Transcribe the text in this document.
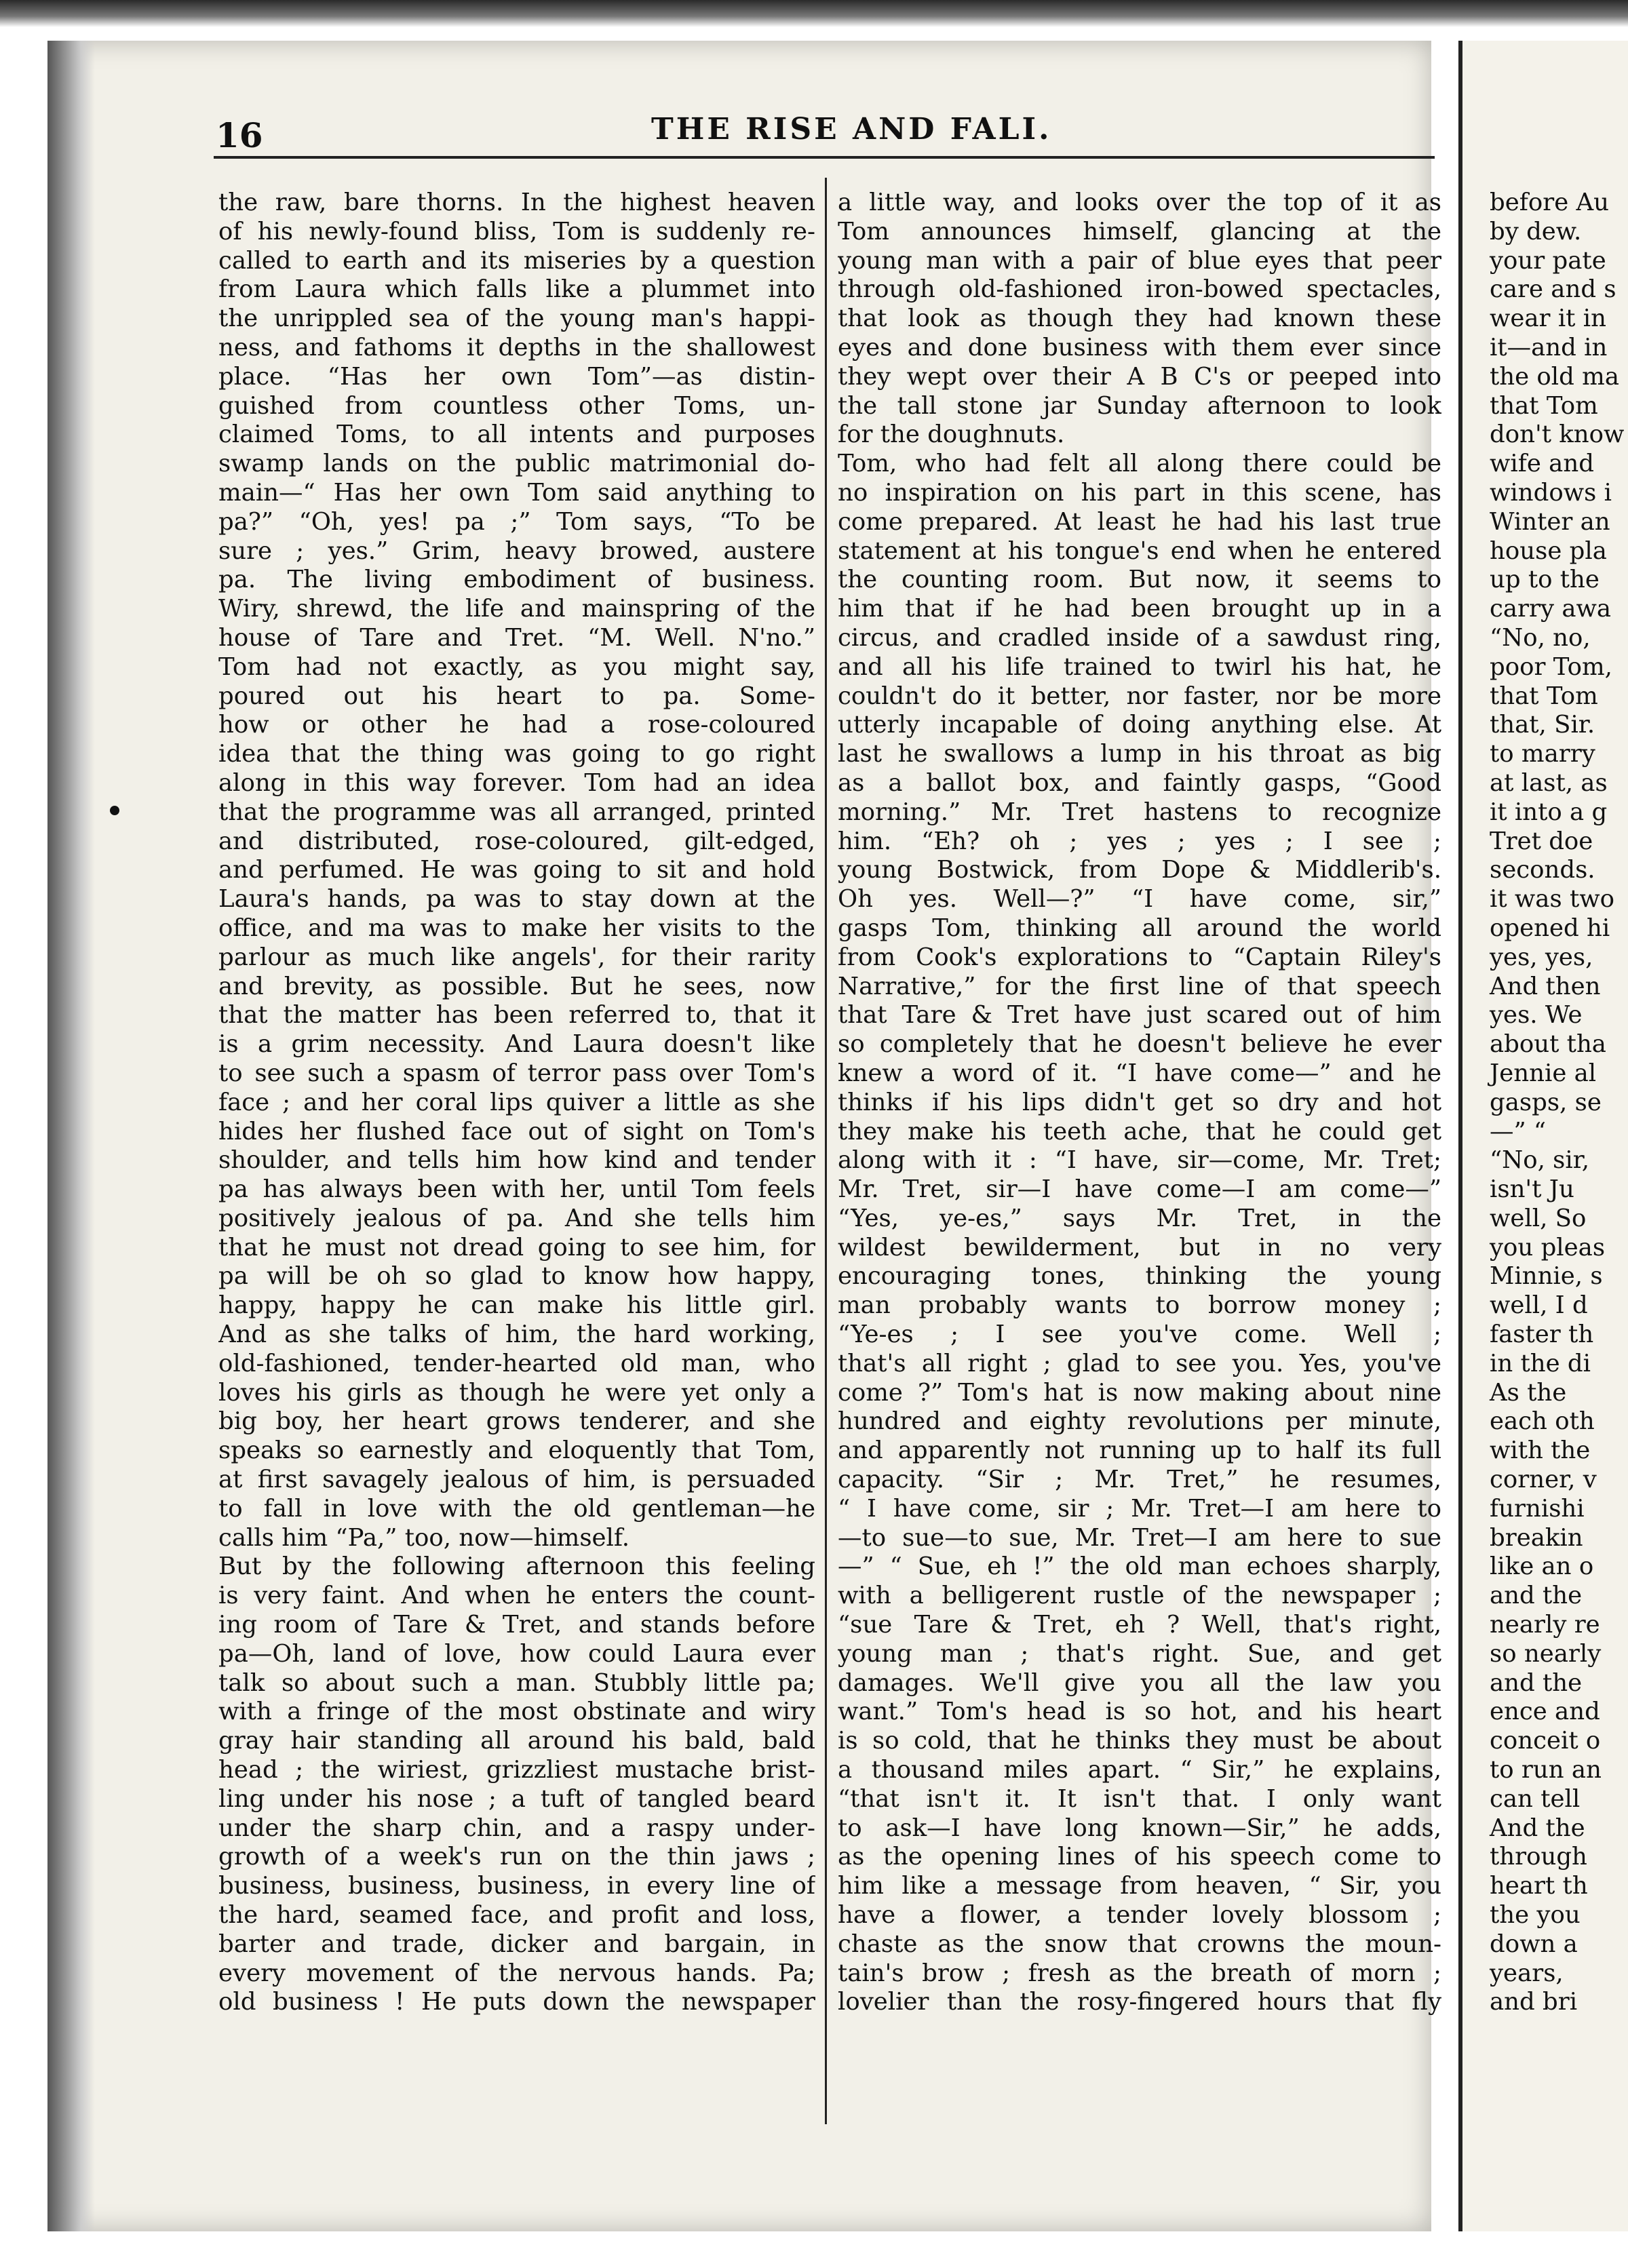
before Au
by dew.
your pate
care and s
wear it in
it—and in
the old ma
that Tom
don't know
wife and
windows i
Winter an
house pla
up to the
carry awa
“No, no,
poor Tom,
that Tom
that, Sir.
to marry
at last, as
it into a g
Tret doe
seconds.
it was two
opened hi
yes, yes,
And then
yes. We
about tha
Jennie al
gasps, se
—” “
“No, sir,
isn't Ju
well, So
you pleas
Minnie, s
well, I d
faster th
in the di
As the
each oth
with the
corner, v
furnishi
breakin
like an o
and the
nearly re
so nearly
and the
ence and
conceit o
to run an
can tell
And the
through
heart th
the you
down a
years,
and bri
16	THE RISE AND FALI.
the raw, bare thorns. In the highest heaven
of his newly-found bliss, Tom is suddenly re-
called to earth and its miseries by a question
from Laura which falls like a plummet into
the unrippled sea of the young man's happi-
ness, and fathoms it depths in the shallowest
place. “Has her own Tom”—as distin-
guished from countless other Toms, un-
claimed Toms, to all intents and purposes
swamp lands on the public matrimonial do-
main—“ Has her own Tom said anything to
pa?” “Oh, yes! pa ;” Tom says, “To be
sure ; yes.” Grim, heavy browed, austere
pa. The living embodiment of business.
Wiry, shrewd, the life and mainspring of the
house of Tare and Tret. “M. Well. N'no.”
Tom had not exactly, as you might say,
poured out his heart to pa. Some-
how or other he had a rose-coloured
idea that the thing was going to go right
along in this way forever. Tom had an idea
that the programme was all arranged, printed
and distributed, rose-coloured, gilt-edged,
and perfumed. He was going to sit and hold
Laura's hands, pa was to stay down at the
office, and ma was to make her visits to the
parlour as much like angels', for their rarity
and brevity, as possible. But he sees, now
that the matter has been referred to, that it
is a grim necessity. And Laura doesn't like
to see such a spasm of terror pass over Tom's
face ; and her coral lips quiver a little as she
hides her flushed face out of sight on Tom's
shoulder, and tells him how kind and tender
pa has always been with her, until Tom feels
positively jealous of pa. And she tells him
that he must not dread going to see him, for
pa will be oh so glad to know how happy,
happy, happy he can make his little girl.
And as she talks of him, the hard working,
old-fashioned, tender-hearted old man, who
loves his girls as though he were yet only a
big boy, her heart grows tenderer, and she
speaks so earnestly and eloquently that Tom,
at first savagely jealous of him, is persuaded
to fall in love with the old gentleman—he
calls him “Pa,” too, now—himself.
But by the following afternoon this feeling
is very faint. And when he enters the count-
ing room of Tare & Tret, and stands before
pa—Oh, land of love, how could Laura ever
talk so about such a man. Stubbly little pa;
with a fringe of the most obstinate and wiry
gray hair standing all around his bald, bald
head ; the wiriest, grizzliest mustache brist-
ling under his nose ; a tuft of tangled beard
under the sharp chin, and a raspy under-
growth of a week's run on the thin jaws ;
business, business, business, in every line of
the hard, seamed face, and profit and loss,
barter and trade, dicker and bargain, in
every movement of the nervous hands. Pa;
old business ! He puts down the newspaper
a little way, and looks over the top of it as
Tom announces himself, glancing at the
young man with a pair of blue eyes that peer
through old-fashioned iron-bowed spectacles,
that look as though they had known these
eyes and done business with them ever since
they wept over their A B C's or peeped into
the tall stone jar Sunday afternoon to look
for the doughnuts.
Tom, who had felt all along there could be
no inspiration on his part in this scene, has
come prepared. At least he had his last true
statement at his tongue's end when he entered
the counting room. But now, it seems to
him that if he had been brought up in a
circus, and cradled inside of a sawdust ring,
and all his life trained to twirl his hat, he
couldn't do it better, nor faster, nor be more
utterly incapable of doing anything else. At
last he swallows a lump in his throat as big
as a ballot box, and faintly gasps, “Good
morning.” Mr. Tret hastens to recognize
him. “Eh? oh ; yes ; yes ; I see ;
young Bostwick, from Dope & Middlerib's.
Oh yes. Well—?” “I have come, sir,”
gasps Tom, thinking all around the world
from Cook's explorations to “Captain Riley's
Narrative,” for the first line of that speech
that Tare & Tret have just scared out of him
so completely that he doesn't believe he ever
knew a word of it. “I have come—” and he
thinks if his lips didn't get so dry and hot
they make his teeth ache, that he could get
along with it : “I have, sir—come, Mr. Tret;
Mr. Tret, sir—I have come—I am come—”
“Yes, ye-es,” says Mr. Tret, in the
wildest bewilderment, but in no very
encouraging tones, thinking the young
man probably wants to borrow money ;
“Ye-es ; I see you've come. Well ;
that's all right ; glad to see you. Yes, you've
come ?” Tom's hat is now making about nine
hundred and eighty revolutions per minute,
and apparently not running up to half its full
capacity. “Sir ; Mr. Tret,” he resumes,
“ I have come, sir ; Mr. Tret—I am here to
—to sue—to sue, Mr. Tret—I am here to sue
—” “ Sue, eh !” the old man echoes sharply,
with a belligerent rustle of the newspaper ;
“sue Tare & Tret, eh ? Well, that's right,
young man ; that's right. Sue, and get
damages. We'll give you all the law you
want.” Tom's head is so hot, and his heart
is so cold, that he thinks they must be about
a thousand miles apart. “ Sir,” he explains,
“that isn't it. It isn't that. I only want
to ask—I have long known—Sir,” he adds,
as the opening lines of his speech come to
him like a message from heaven, “ Sir, you
have a flower, a tender lovely blossom ;
chaste as the snow that crowns the moun-
tain's brow ; fresh as the breath of morn ;
lovelier than the rosy-fingered hours that fly
